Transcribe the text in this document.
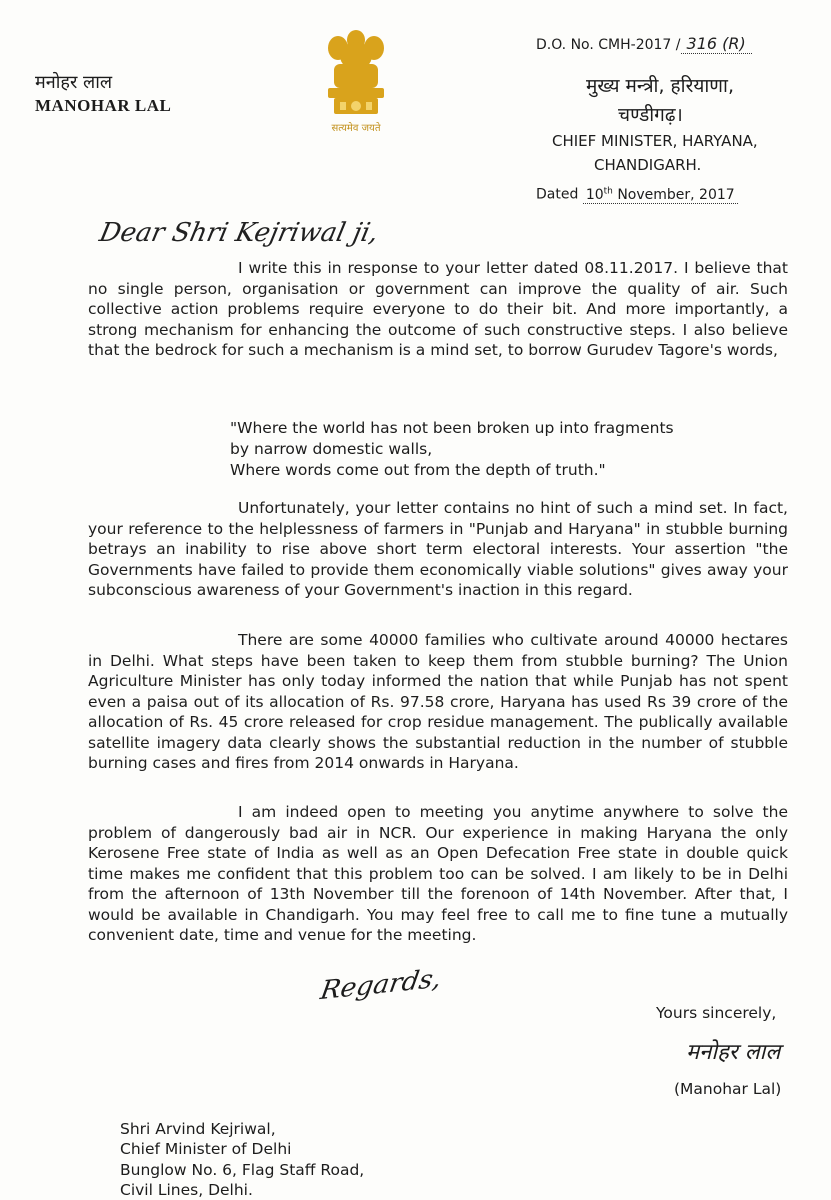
मनोहर लाल
MANOHAR LAL
सत्यमेव जयते
D.O. No. CMH-2017 / 316 (R)
मुख्य मन्त्री, हरियाणा,
चण्डीगढ़।
CHIEF MINISTER, HARYANA,
CHANDIGARH.
Dated 10th November, 2017
Dear Shri Kejriwal ji,
I write this in response to your letter dated 08.11.2017. I believe that no single person, organisation or government can improve the quality of air. Such collective action problems require everyone to do their bit. And more importantly, a strong mechanism for enhancing the outcome of such constructive steps. I also believe that the bedrock for such a mechanism is a mind set, to borrow Gurudev Tagore's words,
"Where the world has not been broken up into fragments
by narrow domestic walls,
Where words come out from the depth of truth."
Unfortunately, your letter contains no hint of such a mind set. In fact, your reference to the helplessness of farmers in "Punjab and Haryana" in stubble burning betrays an inability to rise above short term electoral interests. Your assertion "the Governments have failed to provide them economically viable solutions" gives away your subconscious awareness of your Government's inaction in this regard.
There are some 40000 families who cultivate around 40000 hectares in Delhi. What steps have been taken to keep them from stubble burning? The Union Agriculture Minister has only today informed the nation that while Punjab has not spent even a paisa out of its allocation of Rs. 97.58 crore, Haryana has used Rs 39 crore of the allocation of Rs. 45 crore released for crop residue management. The publically available satellite imagery data clearly shows the substantial reduction in the number of stubble burning cases and fires from 2014 onwards in Haryana.
I am indeed open to meeting you anytime anywhere to solve the problem of dangerously bad air in NCR. Our experience in making Haryana the only Kerosene Free state of India as well as an Open Defecation Free state in double quick time makes me confident that this problem too can be solved. I am likely to be in Delhi from the afternoon of 13th November till the forenoon of 14th November. After that, I would be available in Chandigarh. You may feel free to call me to fine tune a mutually convenient date, time and venue for the meeting.
Regards,
Yours sincerely,
मनोहर लाल
(Manohar Lal)
Shri Arvind Kejriwal,
Chief Minister of Delhi
Bunglow No. 6, Flag Staff Road,
Civil Lines, Delhi.
